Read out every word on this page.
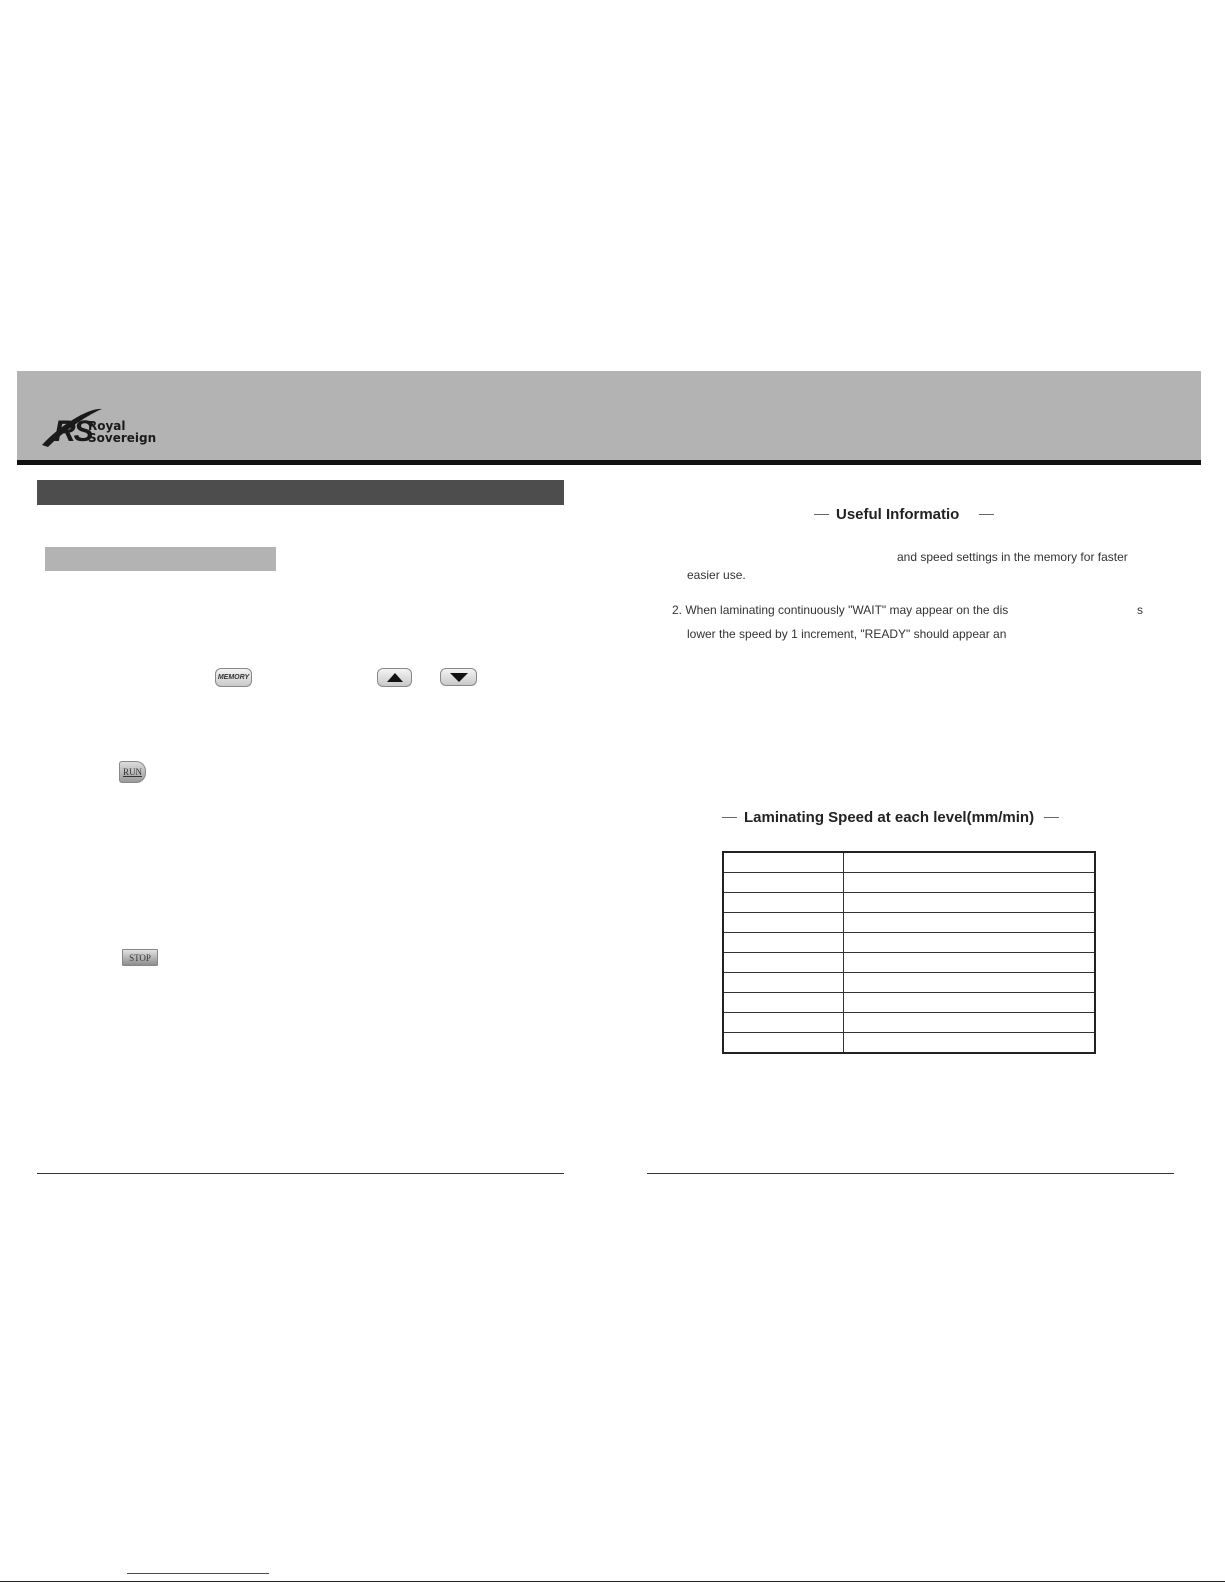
RS
Royal
Sovereign
MEMORY
RUN
STOP
Useful Informatio
and speed settings in the memory for faster
easier use.
2. When laminating continuously "WAIT" may appear on the dis	s
lower the speed by 1 increment, "READY" should appear an
Laminating Speed at each level(mm/min)
